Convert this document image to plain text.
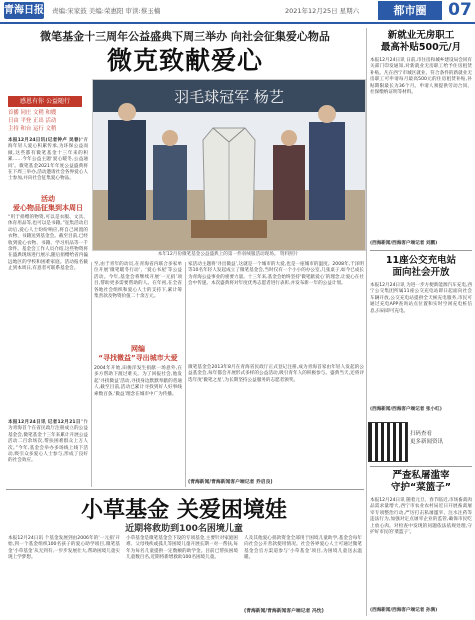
青海日报 责编:宋家鼓 美编:荣惠阳 审读:蔡玉楠	2021年12月25日 星期六	都市圈	07
微笔基金十三周年公益盛典下周三举办 向社会征集爱心物品
微克致献爱心
感恩有你 公益随行
首播 同庄 文稍 和嫂
日由 平登 正出 活动
主持 和台 运行 文稍
羽毛球冠军 杨艺
本年12月份微笔基金公益盛典上的第一件羽绒服活动现场。 资料照片
本报12月24日讯(记者钟卢 吴春)“青海年轻人爱心积累传承,为环保公益而做,这些都有微笔基金十三年来的积累……今年公益主题‘爱心暖冬,公益通同’。微笔基金2021年年度公益盛典将在下周三举办,活动邀请社会各界爱心人士参加,并向社会征集爱心物品。
活动
爱心物品征集到本周日
“用于捐赠的物资,可以是衣服、文具、体育用品等,也可以是书籍。”征集活动启动后,爱心人士纷纷响应,将自己闲置的衣物、书籍送到基金会。截至目前,已经收到爱心衣物、书籍、学习用品等一千余件。基金会工作人员介绍,这些物资将在盛典现场进行展示,随后捐赠给省内偏远地区的学校和困难家庭。活动报名截止到本周日,有意者可联系基金会。
本报12月24日讯 记者12月21日“作为青海首个在省民政厅注册成立的公益基金会,微笔基金十三年来累计开展公益活动二百余场次,帮扶困难群众上万人次。”今年,基金会举办多场线上线下活动,吸引众多爱心人士参与,形成了良好的社会效应。
至,由于青年的动员,在青海省内联合多家单位开展‘微笔暖冬行动’、‘爱心书屋’等公益活动。今年,基金会将继续开展‘一元捐’项目,帮助更多需要帮助的人。在年初,在全省各地社会组织和爱心人士的支持下,累计筹集善款及物资价值二十余万元。
网编
“寻找微益”寻出城市大爱
2004年开始,田俊洋发生捐献一场意外,在多方帮助下渡过难关。为了回报社会,他发起‘寻找微益’活动,寻找身边默默奉献的普通人,截至目前,活动已累计寻找到好人好事线索数百条,‘微益’理念在城市中广为传播。
家活动主题将‘寻出微益’,这就是一个城市的大爱,也是一座城市的温度。2008年,于泽明等10名年轻人发起成立了微笔基金会,当时仅有一个小小的办公室,几张桌子,如今已成长为青海公益事业的重要力量。十三年来,基金会始终坚持‘微笔献爱心’的理念,让爱心在社会中传递。本次盛典将对年度优秀志愿者进行表彰,并发布新一年的公益计划。
微笔基金会2013年8月在青海省民政厅正式登记注册,成为青海首家由年轻人发起的公益基金会,每年都会开展形式多样的公益活动,吸引青年人的积极参与。盛典当天,还将评选年度‘微笔之星’,为长期坚持公益服务的志愿者颁奖。
(青海新闻/青海新闻客户端记者 乔启良)
小草基金 关爱困境娃
近期将救助到100名困境儿童
本报12月24日讯 个基金发展到由2006年的‘一元捐’开始,到一个基金组织100名孩子的爱心助学项目,微笔基金‘小草基金’从无到有,一步步发展壮大,帮助困境儿童实现上学梦想。
小草基金是微笔基金会下设的专项基金,主要针对家庭困难、父母残疾或孤儿等困境儿童开展长期一对一帮扶,每年为每名儿童提供一定数额的助学金。目前已帮扶困境儿童数百名,近期将新增救助100名困境儿童。
人及其他爱心捐款资金全部用于困境儿童助学,基金会每年向社会公开善款使用情况。社会各界爱心人士可通过微笔基金会官方渠道参与‘小草基金’项目,为困境儿童送去温暖。
(青海新闻/青海新闻客户端记者 冯忱)
新就业无房职工
最高补贴500元/月
本报12月24日讯 日前,市住房和城乡建设局会同有关部门印发通知,对新就业无房职工给予住房租赁补贴。凡在西宁市城区就业、符合条件的新就业无房职工可申请每月最高500元的住房租赁补贴,补贴期限最长为36个月。申请人须提供劳动合同、社保缴纳证明等材料。
(西海新闻/西海客户端记者 刘鹏)
11座公交充电站
面向社会开放
本报12月24日讯 为进一步方便新能源汽车充电,西宁公交集团所属11座公交充电站即日起面向社会车辆开放,公交充电站提供全天候充电服务,市民可通过充电APP查询站点位置和实时空闲充电桩信息,扫码即可充电。
(西海新闻/西海客户端记者 张小红)
扫码查看
更多新闻资讯
严查私屠滥宰
守护“菜篮子”
本报12月24日讯 随着元旦、春节临近,市场畜禽肉品需求量增大,西宁市农业农村局近日开展畜禽屠宰专项整治行动,严厉打击私屠滥宰、注水注药等违法行为,加强对定点屠宰企业的监管,确保市民吃上放心肉。对检查中发现的问题依法依规处理,守护好市民的‘菜篮子’。
(西海新闻/西海客户端记者 孙满)
